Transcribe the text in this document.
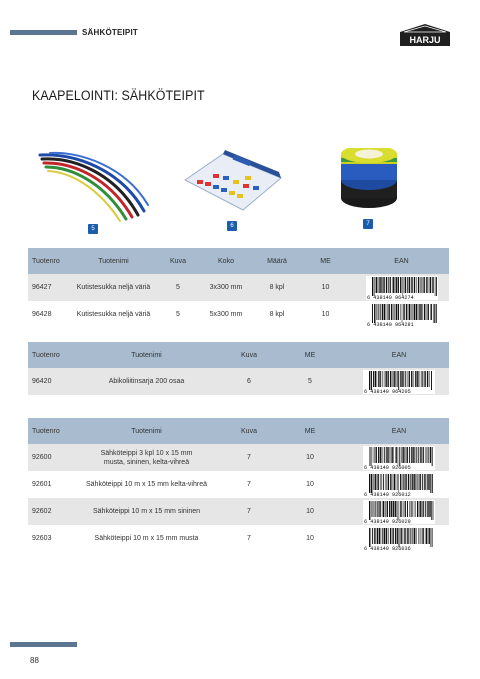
SÄHKÖTEIPIT
HARJU
KAAPELOINTI: SÄHKÖTEIPIT
5	6	7
Tuotenro	Tuotenimi	Kuva	Koko	Määrä	ME	EAN
96427	Kutistesukka neljä väriä	5	3x300 mm	8 kpl	10	6 438140 964274

96428	Kutistesukka neljä väriä	5	5x300 mm	8 kpl	10	6 438140 964281
Tuotenro	Tuotenimi	Kuva	ME	EAN
96420	Abikoliitinsarja 200 osaa	6	5	6 438140 964205
Tuotenro	Tuotenimi	Kuva	ME	EAN
92600	Sähköteippi 3 kpl 10 x 15 mm
musta, sininen, kelta-vihreä	7	10	6 438140 926005

92601	Sähköteippi 10 m x 15 mm kelta-vihreä	7	10	6 438140 926012

92602	Sähköteippi 10 m x 15 mm sininen	7	10	6 438140 926029

92603	Sähköteippi 10 m x 15 mm musta	7	10	6 438140 926036
88
